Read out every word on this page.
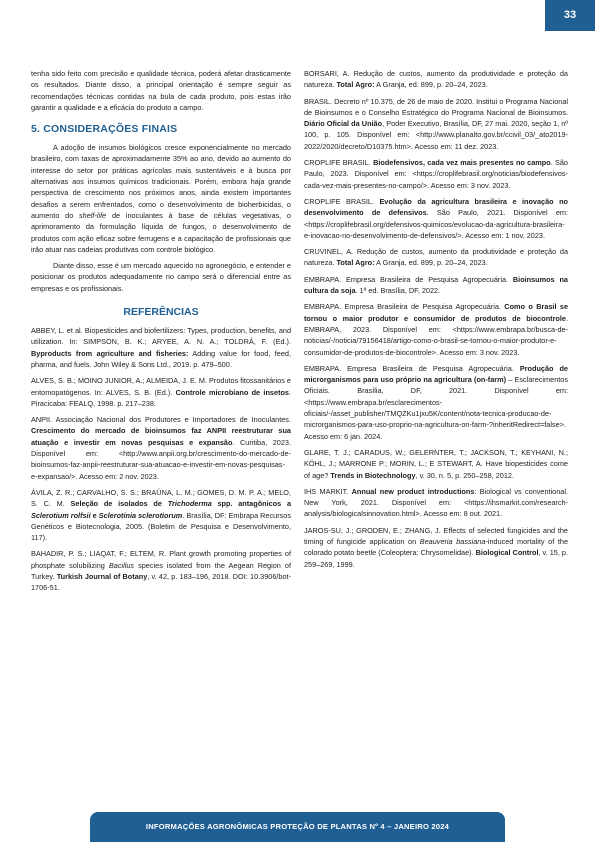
33

tenha sido feito com precisão e qualidade técnica, poderá afetar drasticamente os resultados. Diante disso, a principal orientação é sempre seguir as recomendações técnicas contidas na bula de cada produto, pois estas irão garantir a qualidade e a eficácia do produto a campo.

5. CONSIDERAÇÕES FINAIS

A adoção de insumos biológicos cresce exponencialmente no mercado brasileiro, com taxas de aproximadamente 35% ao ano, devido ao aumento do interesse do setor por práticas agrícolas mais sustentáveis e à busca por alternativas aos insumos químicos tradicionais. Porém, embora haja grande perspectiva de crescimento nos próximos anos, ainda existem importantes desafios a serem enfrentados, como o desenvolvimento de bioherbicidas, o aumento do shelf-life de inoculantes à base de células vegetativas, o aprimoramento da formulação líquida de fungos, o desenvolvimento de produtos com ação eficaz sobre ferrugens e a capacitação de profissionais que irão atuar nas cadeias produtivas com controle biológico.

Diante disso, esse é um mercado aquecido no agronegócio, e entender e posicionar os produtos adequadamente no campo será o diferencial entre as empresas e os profissionais.

REFERÊNCIAS

ABBEY, L. et al. Biopesticides and biofertilizers: Types, production, benefits, and utilization. In: SIMPSON, B. K.; ARYEE, A. N. A.; TOLDRÁ, F. (Ed.). Byproducts from agriculture and fisheries: Adding value for food, feed, pharma, and fuels. John Wiley & Sons Ltd., 2019. p. 479–500.

ALVES, S. B.; MOINO JUNIOR, A.; ALMEIDA, J. E. M. Produtos fitossanitários e entomopatógenos. In: ALVES, S. B. (Ed.). Controle microbiano de insetos. Piracicaba: FEALQ, 1998. p. 217–238.

ANPII. Associação Nacional dos Produtores e Importadores de Inoculantes. Crescimento do mercado de bioinsumos faz ANPII reestruturar sua atuação e investir em novas pesquisas e expansão. Curitiba, 2023. Disponível em: <http://www.anpii.org.br/crescimento-do-mercado-de-bioinsumos-faz-anpii-reestruturar-sua-atuacao-e-investir-em-novas-pesquisas-e-expansao/>. Acesso em: 2 nov. 2023.

ÁVILA, Z. R.; CARVALHO, S. S.; BRAÚNA, L. M.; GOMES, D. M. P. A.; MELO, S. C. M. Seleção de isolados de Trichoderma spp. antagônicos a Sclerotium rolfsii e Sclerotinia sclerotiorum. Brasília, DF: Embrapa Recursos Genéticos e Biotecnologia, 2005. (Boletim de Pesquisa e Desenvolvimento, 117).

BAHADIR, P. S.; LIAQAT, F.; ELTEM, R. Plant growth promoting properties of phosphate solubilizing Bacillus species isolated from the Aegean Region of Turkey. Turkish Journal of Botany, v. 42, p. 183–196, 2018. DOI: 10.3906/bot-1706-51.

BORSARI, A. Redução de custos, aumento da produtividade e proteção da natureza. Total Agro: A Granja, ed. 899, p. 20–24, 2023.

BRASIL. Decreto nº 10.375, de 26 de maio de 2020. Institui o Programa Nacional de Bioinsumos e o Conselho Estratégico do Programa Nacional de Bioinsumos. Diário Oficial da União, Poder Executivo, Brasília, DF, 27 mai. 2020, seção 1, nº 100, p. 105. Disponível em: <http://www.planalto.gov.br/ccivil_03/_ato2019-2022/2020/decreto/D10375.htm>. Acesso em: 11 dez. 2023.

CROPLIFE BRASIL. Biodefensivos, cada vez mais presentes no campo. São Paulo, 2023. Disponível em: <https://croplifebrasil.org/noticias/biodefensivos-cada-vez-mais-presentes-no-campo/>. Acesso em: 3 nov. 2023.

CROPLIFE BRASIL. Evolução da agricultura brasileira e inovação no desenvolvimento de defensivos. São Paulo, 2021. Disponível em: <https://croplifebrasil.org/defensivos-quimicos/evolucao-da-agricultura-brasileira-e-inovacao-no-desenvolvimento-de-defensivos/>. Acesso em: 1 nov. 2023.

CRUVINEL, A. Redução de custos, aumento da produtividade e proteção da natureza. Total Agro: A Granja, ed. 899, p. 20–24, 2023.

EMBRAPA. Empresa Brasileira de Pesquisa Agropecuária. Bioinsumos na cultura da soja. 1ª ed. Brasília, DF, 2022.

EMBRAPA. Empresa Brasileira de Pesquisa Agropecuária. Como o Brasil se tornou o maior produtor e consumidor de produtos de biocontrole. EMBRAPA, 2023. Disponível em: <https://www.embrapa.br/busca-de-noticias/-/noticia/79156418/artigo-como-o-brasil-se-tornou-o-maior-produtor-e-consumidor-de-produtos-de-biocontrole>. Acesso em: 3 nov. 2023.

EMBRAPA. Empresa Brasileira de Pesquisa Agropecuária. Produção de microrganismos para uso próprio na agricultura (on-farm) – Esclarecimentos Oficiais. Brasília, DF, 2021. Disponível em: <https://www.embrapa.br/esclarecimentos-oficiais/-/asset_publisher/TMQZKu1jxu5K/content/nota-tecnica-producao-de-microrganismos-para-uso-proprio-na-agricultura-on-farm-?inheritRedirect=false>. Acesso em: 6 jan. 2024.

GLARE, T. J.; CARADUS, W.; GELERNTER, T.; JACKSON, T.; KEYHANI, N.; KÖHL, J.; MARRONE P.; MORIN, L.; E STEWART, A. Have biopesticides come of age? Trends in Biotechnology, v. 30, n. 5, p. 250–258, 2012.

IHS MARKIT. Annual new product introductions: Biological vs conventional. New York, 2021. Disponível em: <https://ihsmarkit.com/research-analysis/biologicalsinnovation.html>. Acesso em: 8 out. 2021.

JAROS-SU, J.; GRODEN, E.; ZHANG, J. Effects of selected fungicides and the timing of fungicide application on Beauveria bassiana-induced mortality of the colorado potato beetle (Coleoptera: Chrysomelidae). Biological Control, v. 15, p. 259–269, 1999.

INFORMAÇÕES AGRONÔMICAS PROTEÇÃO DE PLANTAS Nº 4 – JANEIRO 2024
